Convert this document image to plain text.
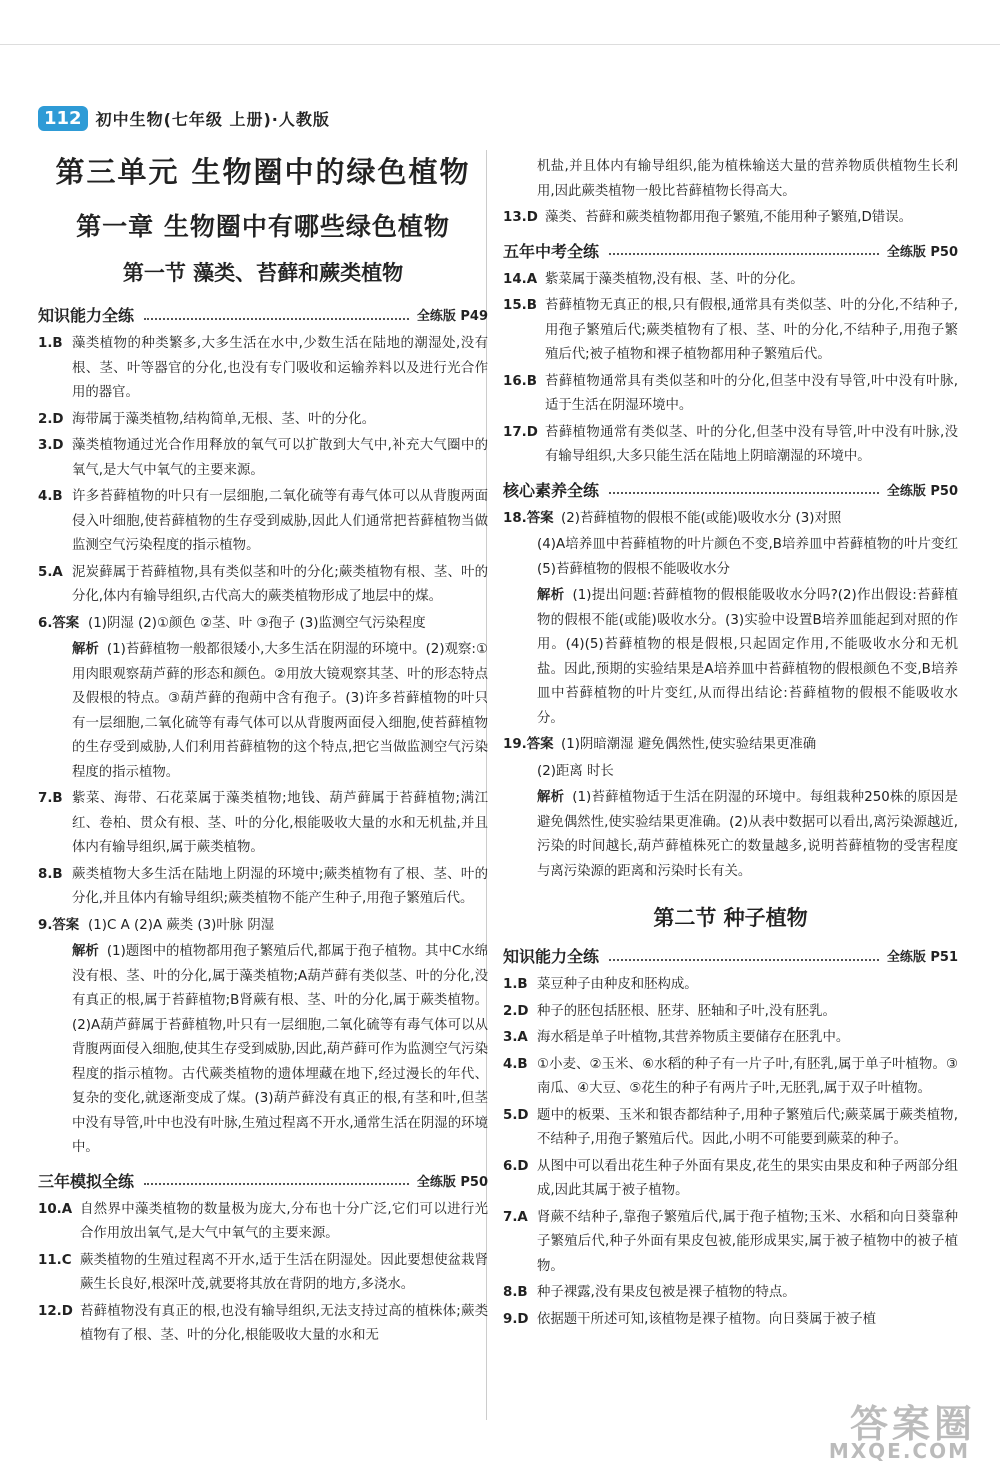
112 初中生物(七年级 上册)·人教版
第三单元 生物圈中的绿色植物
第一章 生物圈中有哪些绿色植物
第一节 藻类、苔藓和蕨类植物
知识能力全练	全练版 P49
1.B 藻类植物的种类繁多,大多生活在水中,少数生活在陆地的潮湿处,没有根、茎、叶等器官的分化,也没有专门吸收和运输养料以及进行光合作用的器官。
2.D 海带属于藻类植物,结构简单,无根、茎、叶的分化。
3.D 藻类植物通过光合作用释放的氧气可以扩散到大气中,补充大气圈中的氧气,是大气中氧气的主要来源。
4.B 许多苔藓植物的叶只有一层细胞,二氧化硫等有毒气体可以从背腹两面侵入叶细胞,使苔藓植物的生存受到威胁,因此人们通常把苔藓植物当做监测空气污染程度的指示植物。
5.A 泥炭藓属于苔藓植物,具有类似茎和叶的分化;蕨类植物有根、茎、叶的分化,体内有输导组织,古代高大的蕨类植物形成了地层中的煤。
6.答案 (1)阴湿 (2)①颜色 ②茎、叶 ③孢子 (3)监测空气污染程度
解析 (1)苔藓植物一般都很矮小,大多生活在阴湿的环境中。(2)观察:①用肉眼观察葫芦藓的形态和颜色。②用放大镜观察其茎、叶的形态特点及假根的特点。③葫芦藓的孢蒴中含有孢子。(3)许多苔藓植物的叶只有一层细胞,二氧化硫等有毒气体可以从背腹两面侵入细胞,使苔藓植物的生存受到威胁,人们利用苔藓植物的这个特点,把它当做监测空气污染程度的指示植物。
7.B 紫菜、海带、石花菜属于藻类植物;地钱、葫芦藓属于苔藓植物;满江红、卷柏、贯众有根、茎、叶的分化,根能吸收大量的水和无机盐,并且体内有输导组织,属于蕨类植物。
8.B 蕨类植物大多生活在陆地上阴湿的环境中;蕨类植物有了根、茎、叶的分化,并且体内有输导组织;蕨类植物不能产生种子,用孢子繁殖后代。
9.答案 (1)C A (2)A 蕨类 (3)叶脉 阴湿
解析 (1)题图中的植物都用孢子繁殖后代,都属于孢子植物。其中C水绵没有根、茎、叶的分化,属于藻类植物;A葫芦藓有类似茎、叶的分化,没有真正的根,属于苔藓植物;B肾蕨有根、茎、叶的分化,属于蕨类植物。(2)A葫芦藓属于苔藓植物,叶只有一层细胞,二氧化硫等有毒气体可以从背腹两面侵入细胞,使其生存受到威胁,因此,葫芦藓可作为监测空气污染程度的指示植物。古代蕨类植物的遗体埋藏在地下,经过漫长的年代、复杂的变化,就逐渐变成了煤。(3)葫芦藓没有真正的根,有茎和叶,但茎中没有导管,叶中也没有叶脉,生殖过程离不开水,通常生活在阴湿的环境中。
三年模拟全练	全练版 P50
10.A 自然界中藻类植物的数量极为庞大,分布也十分广泛,它们可以进行光合作用放出氧气,是大气中氧气的主要来源。
11.C 蕨类植物的生殖过程离不开水,适于生活在阴湿处。因此要想使盆栽肾蕨生长良好,根深叶茂,就要将其放在背阴的地方,多浇水。
12.D 苔藓植物没有真正的根,也没有输导组织,无法支持过高的植株体;蕨类植物有了根、茎、叶的分化,根能吸收大量的水和无
机盐,并且体内有输导组织,能为植株输送大量的营养物质供植物生长利用,因此蕨类植物一般比苔藓植物长得高大。
13.D 藻类、苔藓和蕨类植物都用孢子繁殖,不能用种子繁殖,D错误。
五年中考全练	全练版 P50
14.A 紫菜属于藻类植物,没有根、茎、叶的分化。
15.B 苔藓植物无真正的根,只有假根,通常具有类似茎、叶的分化,不结种子,用孢子繁殖后代;蕨类植物有了根、茎、叶的分化,不结种子,用孢子繁殖后代;被子植物和裸子植物都用种子繁殖后代。
16.B 苔藓植物通常具有类似茎和叶的分化,但茎中没有导管,叶中没有叶脉,适于生活在阴湿环境中。
17.D 苔藓植物通常有类似茎、叶的分化,但茎中没有导管,叶中没有叶脉,没有输导组织,大多只能生活在陆地上阴暗潮湿的环境中。
核心素养全练	全练版 P50
18.答案 (2)苔藓植物的假根不能(或能)吸收水分 (3)对照
(4)A培养皿中苔藓植物的叶片颜色不变,B培养皿中苔藓植物的叶片变红 (5)苔藓植物的假根不能吸收水分
解析 (1)提出问题:苔藓植物的假根能吸收水分吗?(2)作出假设:苔藓植物的假根不能(或能)吸收水分。(3)实验中设置B培养皿能起到对照的作用。(4)(5)苔藓植物的根是假根,只起固定作用,不能吸收水分和无机盐。因此,预期的实验结果是A培养皿中苔藓植物的假根颜色不变,B培养皿中苔藓植物的叶片变红,从而得出结论:苔藓植物的假根不能吸收水分。
19.答案 (1)阴暗潮湿 避免偶然性,使实验结果更准确
(2)距离 时长
解析 (1)苔藓植物适于生活在阴湿的环境中。每组栽种250株的原因是避免偶然性,使实验结果更准确。(2)从表中数据可以看出,离污染源越近,污染的时间越长,葫芦藓植株死亡的数量越多,说明苔藓植物的受害程度与离污染源的距离和污染时长有关。
第二节 种子植物
知识能力全练	全练版 P51
1.B 菜豆种子由种皮和胚构成。
2.D 种子的胚包括胚根、胚芽、胚轴和子叶,没有胚乳。
3.A 海水稻是单子叶植物,其营养物质主要储存在胚乳中。
4.B ①小麦、②玉米、⑥水稻的种子有一片子叶,有胚乳,属于单子叶植物。③南瓜、④大豆、⑤花生的种子有两片子叶,无胚乳,属于双子叶植物。
5.D 题中的板栗、玉米和银杏都结种子,用种子繁殖后代;蕨菜属于蕨类植物,不结种子,用孢子繁殖后代。因此,小明不可能要到蕨菜的种子。
6.D 从图中可以看出花生种子外面有果皮,花生的果实由果皮和种子两部分组成,因此其属于被子植物。
7.A 肾蕨不结种子,靠孢子繁殖后代,属于孢子植物;玉米、水稻和向日葵靠种子繁殖后代,种子外面有果皮包被,能形成果实,属于被子植物中的被子植物。
8.B 种子裸露,没有果皮包被是裸子植物的特点。
9.D 依据题干所述可知,该植物是裸子植物。向日葵属于被子植
答案圈
MXQE.COM
